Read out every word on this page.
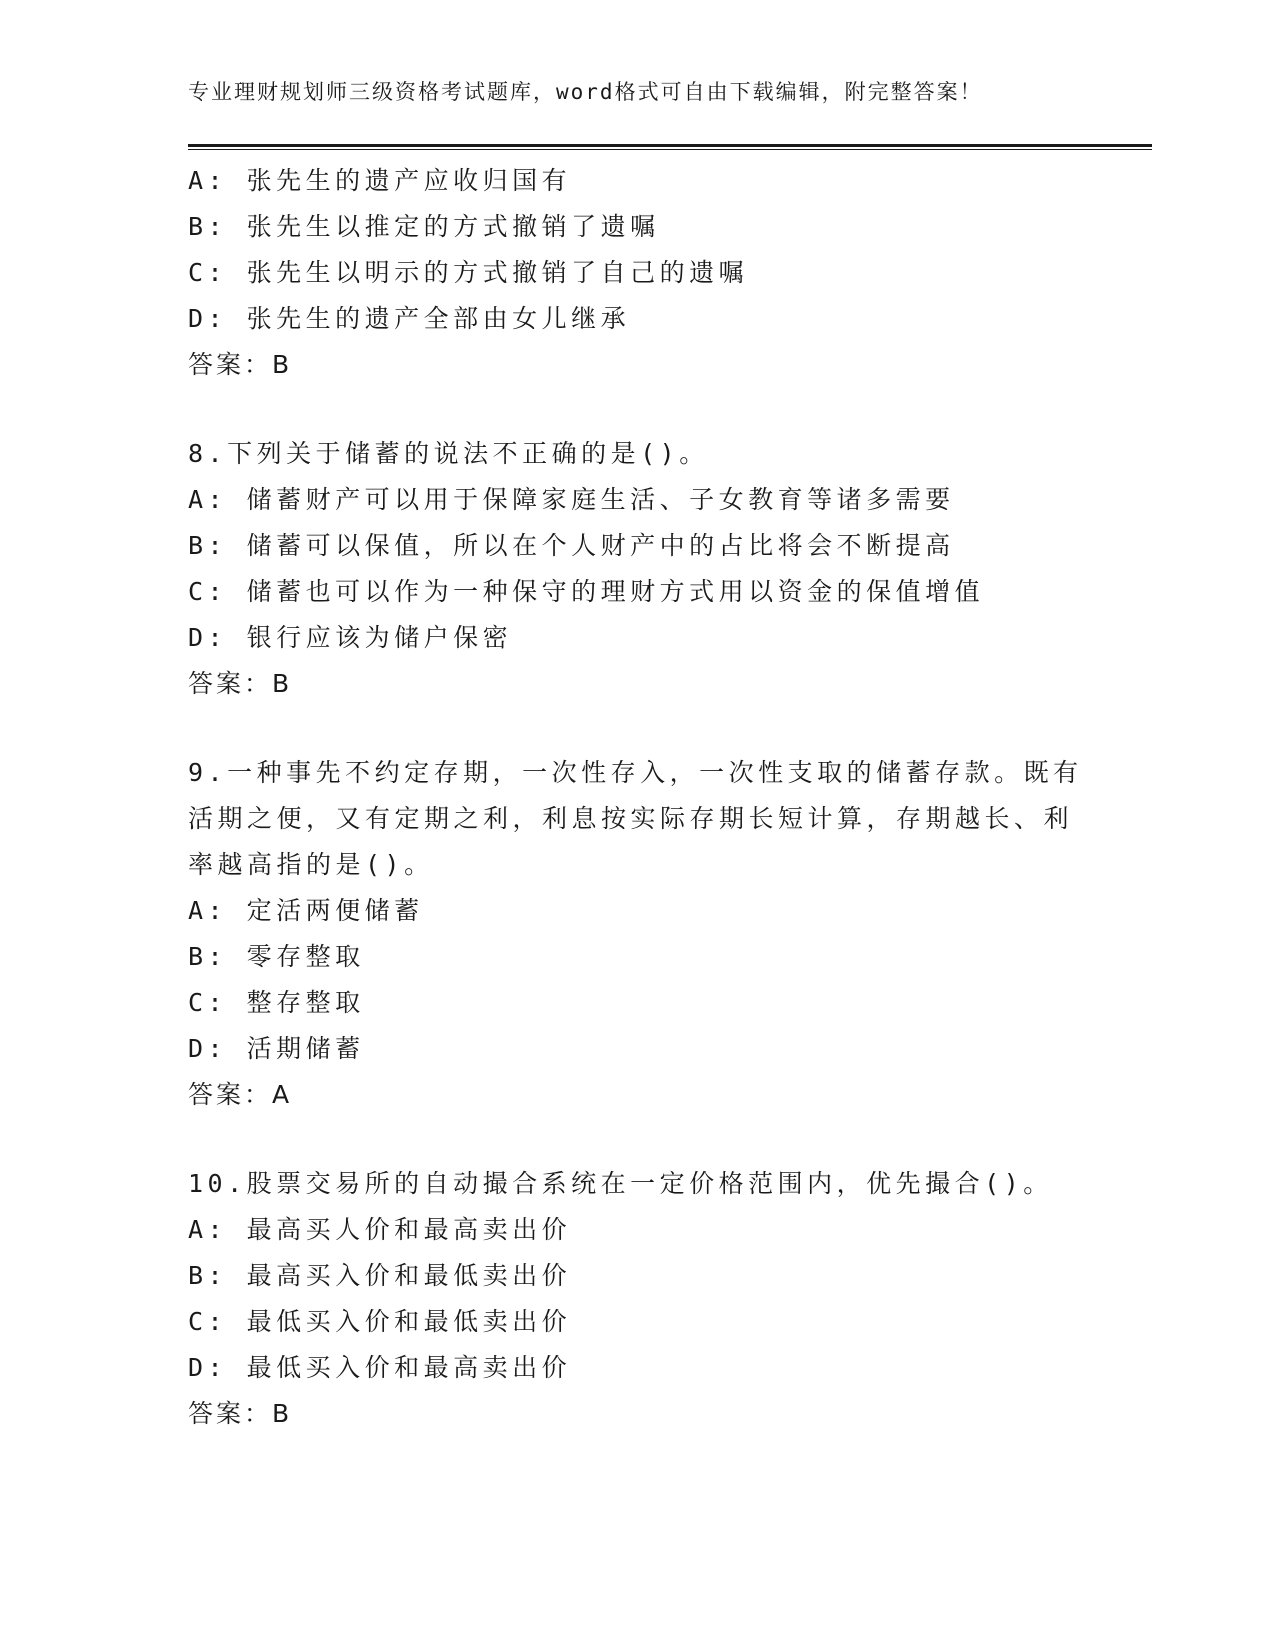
专业理财规划师三级资格考试题库，word格式可自由下载编辑，附完整答案！
A: 张先生的遗产应收归国有
B: 张先生以推定的方式撤销了遗嘱
C: 张先生以明示的方式撤销了自己的遗嘱
D: 张先生的遗产全部由女儿继承
答案：B
8.下列关于储蓄的说法不正确的是()。
A: 储蓄财产可以用于保障家庭生活、子女教育等诸多需要
B: 储蓄可以保值，所以在个人财产中的占比将会不断提高
C: 储蓄也可以作为一种保守的理财方式用以资金的保值增值
D: 银行应该为储户保密
答案：B
9.一种事先不约定存期，一次性存入，一次性支取的储蓄存款。既有
活期之便，又有定期之利，利息按实际存期长短计算，存期越长、利
率越高指的是()。
A: 定活两便储蓄
B: 零存整取
C: 整存整取
D: 活期储蓄
答案：A
10.股票交易所的自动撮合系统在一定价格范围内，优先撮合()。
A: 最高买人价和最高卖出价
B: 最高买入价和最低卖出价
C: 最低买入价和最低卖出价
D: 最低买入价和最高卖出价
答案：B
